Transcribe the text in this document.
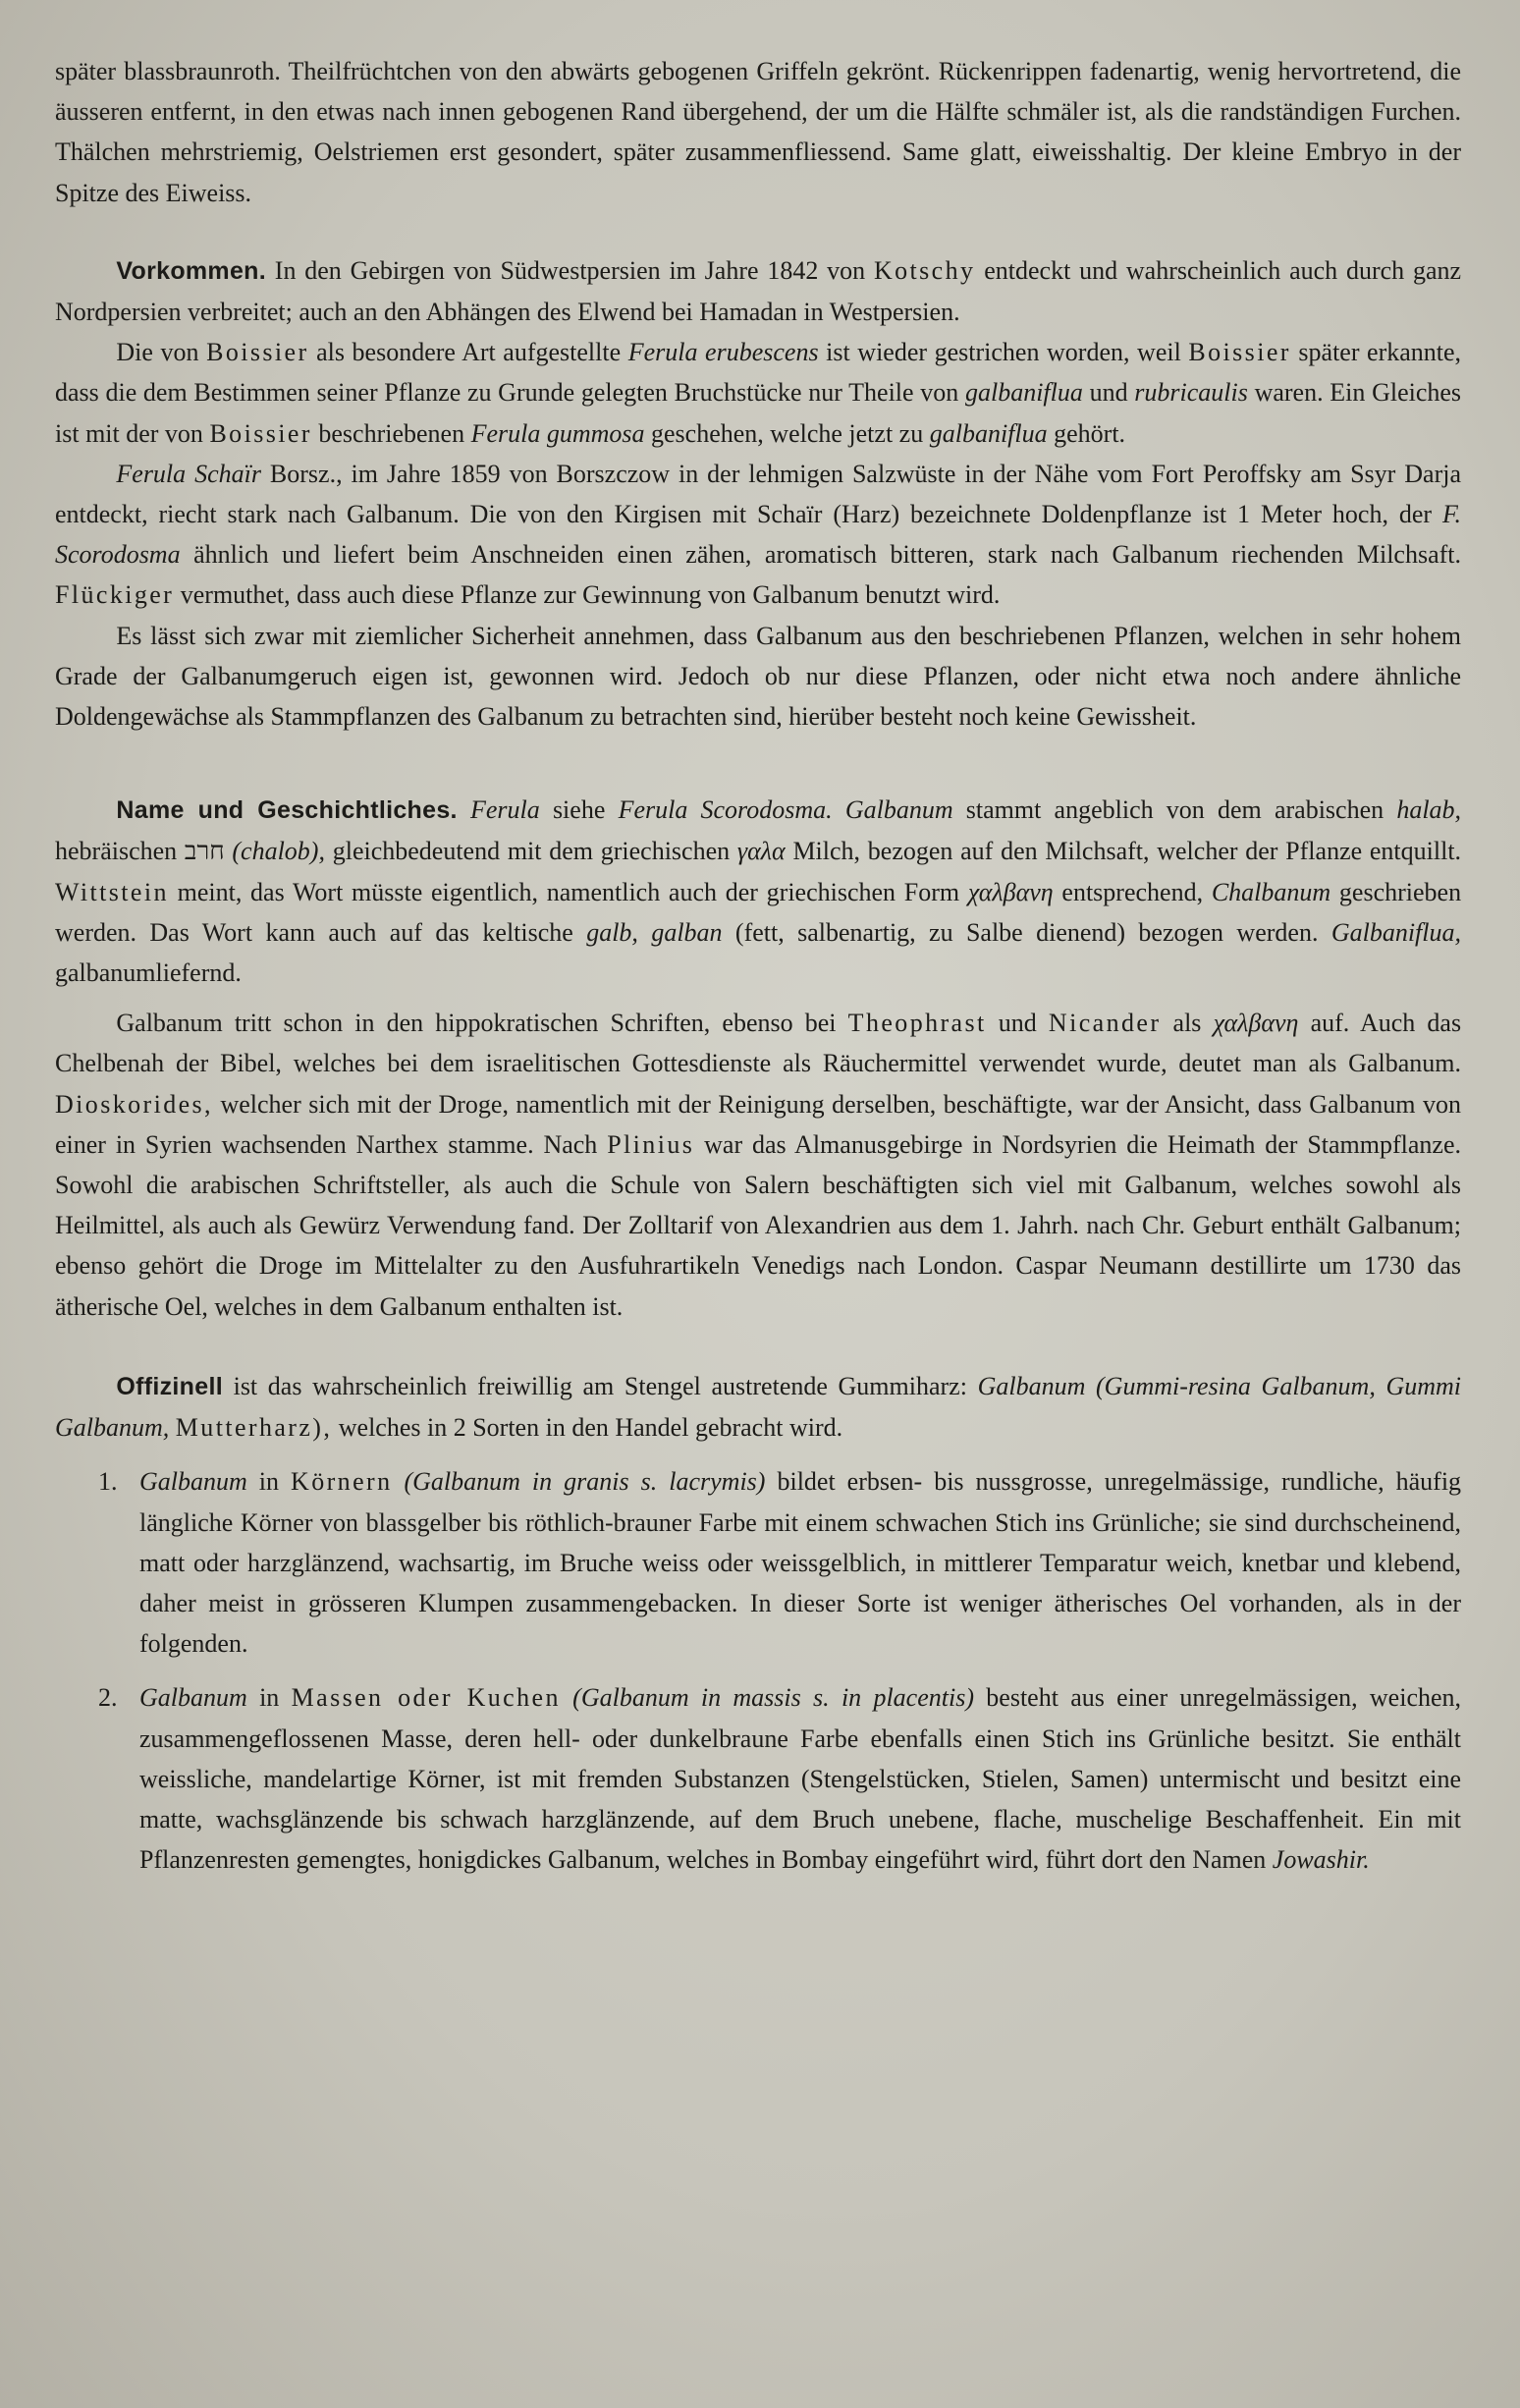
später blassbraunroth. Theilfrüchtchen von den abwärts gebogenen Griffeln gekrönt. Rückenrippen fadenartig, wenig hervortretend, die äusseren entfernt, in den etwas nach innen gebogenen Rand übergehend, der um die Hälfte schmäler ist, als die randständigen Furchen. Thälchen mehrstriemig, Oelstriemen erst gesondert, später zusammenfliessend. Same glatt, eiweisshaltig. Der kleine Embryo in der Spitze des Eiweiss.

Vorkommen. In den Gebirgen von Südwestpersien im Jahre 1842 von Kotschy entdeckt und wahrscheinlich auch durch ganz Nordpersien verbreitet; auch an den Abhängen des Elwend bei Hamadan in Westpersien.

Die von Boissier als besondere Art aufgestellte Ferula erubescens ist wieder gestrichen worden, weil Boissier später erkannte, dass die dem Bestimmen seiner Pflanze zu Grunde gelegten Bruchstücke nur Theile von galbaniflua und rubricaulis waren. Ein Gleiches ist mit der von Boissier beschriebenen Ferula gummosa geschehen, welche jetzt zu galbaniflua gehört.

Ferula Schaïr Borsz., im Jahre 1859 von Borszczow in der lehmigen Salzwüste in der Nähe vom Fort Peroffsky am Ssyr Darja entdeckt, riecht stark nach Galbanum. Die von den Kirgisen mit Schaïr (Harz) bezeichnete Doldenpflanze ist 1 Meter hoch, der F. Scorodosma ähnlich und liefert beim Anschneiden einen zähen, aromatisch bitteren, stark nach Galbanum riechenden Milchsaft. Flückiger vermuthet, dass auch diese Pflanze zur Gewinnung von Galbanum benutzt wird.

Es lässt sich zwar mit ziemlicher Sicherheit annehmen, dass Galbanum aus den beschriebenen Pflanzen, welchen in sehr hohem Grade der Galbanumgeruch eigen ist, gewonnen wird. Jedoch ob nur diese Pflanzen, oder nicht etwa noch andere ähnliche Doldengewächse als Stammpflanzen des Galbanum zu betrachten sind, hierüber besteht noch keine Gewissheit.

Name und Geschichtliches. Ferula siehe Ferula Scorodosma. Galbanum stammt angeblich von dem arabischen halab, hebräischen חרב (chalob), gleichbedeutend mit dem griechischen γαλα Milch, bezogen auf den Milchsaft, welcher der Pflanze entquillt. Wittstein meint, das Wort müsste eigentlich, namentlich auch der griechischen Form χαλβανη entsprechend, Chalbanum geschrieben werden. Das Wort kann auch auf das keltische galb, galban (fett, salbenartig, zu Salbe dienend) bezogen werden. Galbaniflua, galbanumliefernd.

Galbanum tritt schon in den hippokratischen Schriften, ebenso bei Theophrast und Nicander als χαλβανη auf. Auch das Chelbenah der Bibel, welches bei dem israelitischen Gottesdienste als Räuchermittel verwendet wurde, deutet man als Galbanum. Dioskorides, welcher sich mit der Droge, namentlich mit der Reinigung derselben, beschäftigte, war der Ansicht, dass Galbanum von einer in Syrien wachsenden Narthex stamme. Nach Plinius war das Almanusgebirge in Nordsyrien die Heimath der Stammpflanze. Sowohl die arabischen Schriftsteller, als auch die Schule von Salern beschäftigten sich viel mit Galbanum, welches sowohl als Heilmittel, als auch als Gewürz Verwendung fand. Der Zolltarif von Alexandrien aus dem 1. Jahrh. nach Chr. Geburt enthält Galbanum; ebenso gehört die Droge im Mittelalter zu den Ausfuhrartikeln Venedigs nach London. Caspar Neumann destillirte um 1730 das ätherische Oel, welches in dem Galbanum enthalten ist.

Offizinell ist das wahrscheinlich freiwillig am Stengel austretende Gummiharz: Galbanum (Gummi-resina Galbanum, Gummi Galbanum, Mutterharz), welches in 2 Sorten in den Handel gebracht wird.

1. Galbanum in Körnern (Galbanum in granis s. lacrymis) bildet erbsen- bis nussgrosse, unregelmässige, rundliche, häufig längliche Körner von blassgelber bis röthlich-brauner Farbe mit einem schwachen Stich ins Grünliche; sie sind durchscheinend, matt oder harzglänzend, wachsartig, im Bruche weiss oder weissgelblich, in mittlerer Temparatur weich, knetbar und klebend, daher meist in grösseren Klumpen zusammengebacken. In dieser Sorte ist weniger ätherisches Oel vorhanden, als in der folgenden.

2. Galbanum in Massen oder Kuchen (Galbanum in massis s. in placentis) besteht aus einer unregelmässigen, weichen, zusammengeflossenen Masse, deren hell- oder dunkelbraune Farbe ebenfalls einen Stich ins Grünliche besitzt. Sie enthält weissliche, mandelartige Körner, ist mit fremden Substanzen (Stengelstücken, Stielen, Samen) untermischt und besitzt eine matte, wachsglänzende bis schwach harzglänzende, auf dem Bruch unebene, flache, muschelige Beschaffenheit. Ein mit Pflanzenresten gemengtes, honigdickes Galbanum, welches in Bombay eingeführt wird, führt dort den Namen Jowashir.
